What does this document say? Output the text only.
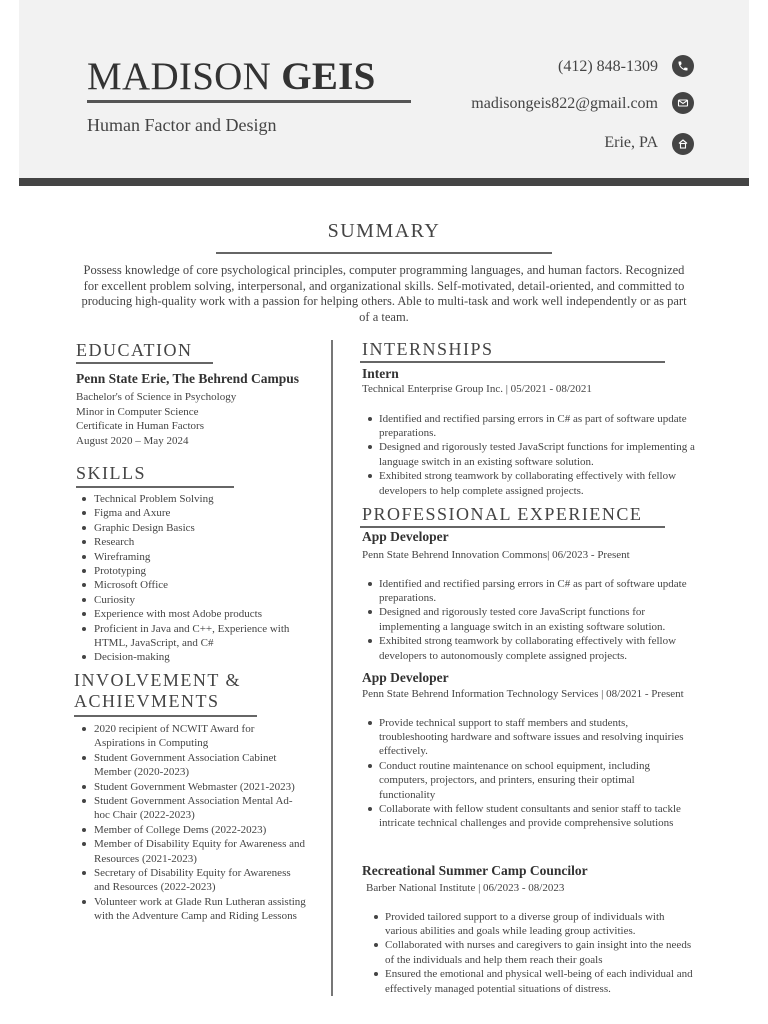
MADISON GEIS
Human Factor and Design
(412) 848-1309
madisongeis822@gmail.com
Erie, PA
SUMMARY
Possess knowledge of core psychological principles, computer programming languages, and human factors. Recognized for excellent problem solving, interpersonal, and organizational skills. Self-motivated, detail-oriented, and committed to producing high-quality work with a passion for helping others. Able to multi-task and work well independently or as part of a team.
EDUCATION
Penn State Erie, The Behrend Campus
Bachelor's of Science in Psychology
Minor in Computer Science
Certificate in Human Factors
August 2020 – May 2024
SKILLS
Technical Problem Solving
Figma and Axure
Graphic Design Basics
Research
Wireframing
Prototyping
Microsoft Office
Curiosity
Experience with most Adobe products
Proficient in Java and C++, Experience with HTML, JavaScript, and C#
Decision-making
INVOLVEMENT &
ACHIEVMENTS
2020 recipient of NCWIT Award for Aspirations in Computing
Student Government Association Cabinet Member (2020-2023)
Student Government Webmaster (2021-2023)
Student Government Association Mental Ad-hoc Chair (2022-2023)
Member of College Dems (2022-2023)
Member of Disability Equity for Awareness and Resources (2021-2023)
Secretary of Disability Equity for Awareness and Resources (2022-2023)
Volunteer work at Glade Run Lutheran assisting with the Adventure Camp and Riding Lessons
INTERNSHIPS
Intern
Technical Enterprise Group Inc. | 05/2021 - 08/2021
Identified and rectified parsing errors in C# as part of software update preparations.
Designed and rigorously tested JavaScript functions for implementing a language switch in an existing software solution.
Exhibited strong teamwork by collaborating effectively with fellow developers to help complete assigned projects.
PROFESSIONAL EXPERIENCE
App Developer
Penn State Behrend Innovation Commons| 06/2023 - Present
Identified and rectified parsing errors in C# as part of software update preparations.
Designed and rigorously tested core JavaScript functions for implementing a language switch in an existing software solution.
Exhibited strong teamwork by collaborating effectively with fellow developers to autonomously complete assigned projects.
App Developer
Penn State Behrend Information Technology Services | 08/2021 - Present
Provide technical support to staff members and students, troubleshooting hardware and software issues and resolving inquiries effectively.
Conduct routine maintenance on school equipment, including computers, projectors, and printers, ensuring their optimal functionality
Collaborate with fellow student consultants and senior staff to tackle intricate technical challenges and provide comprehensive solutions
Recreational Summer Camp Councilor
Barber National Institute | 06/2023 - 08/2023
Provided tailored support to a diverse group of individuals with various abilities and goals while leading group activities.
Collaborated with nurses and caregivers to gain insight into the needs of the individuals and help them reach their goals
Ensured the emotional and physical well-being of each individual and effectively managed potential situations of distress.
